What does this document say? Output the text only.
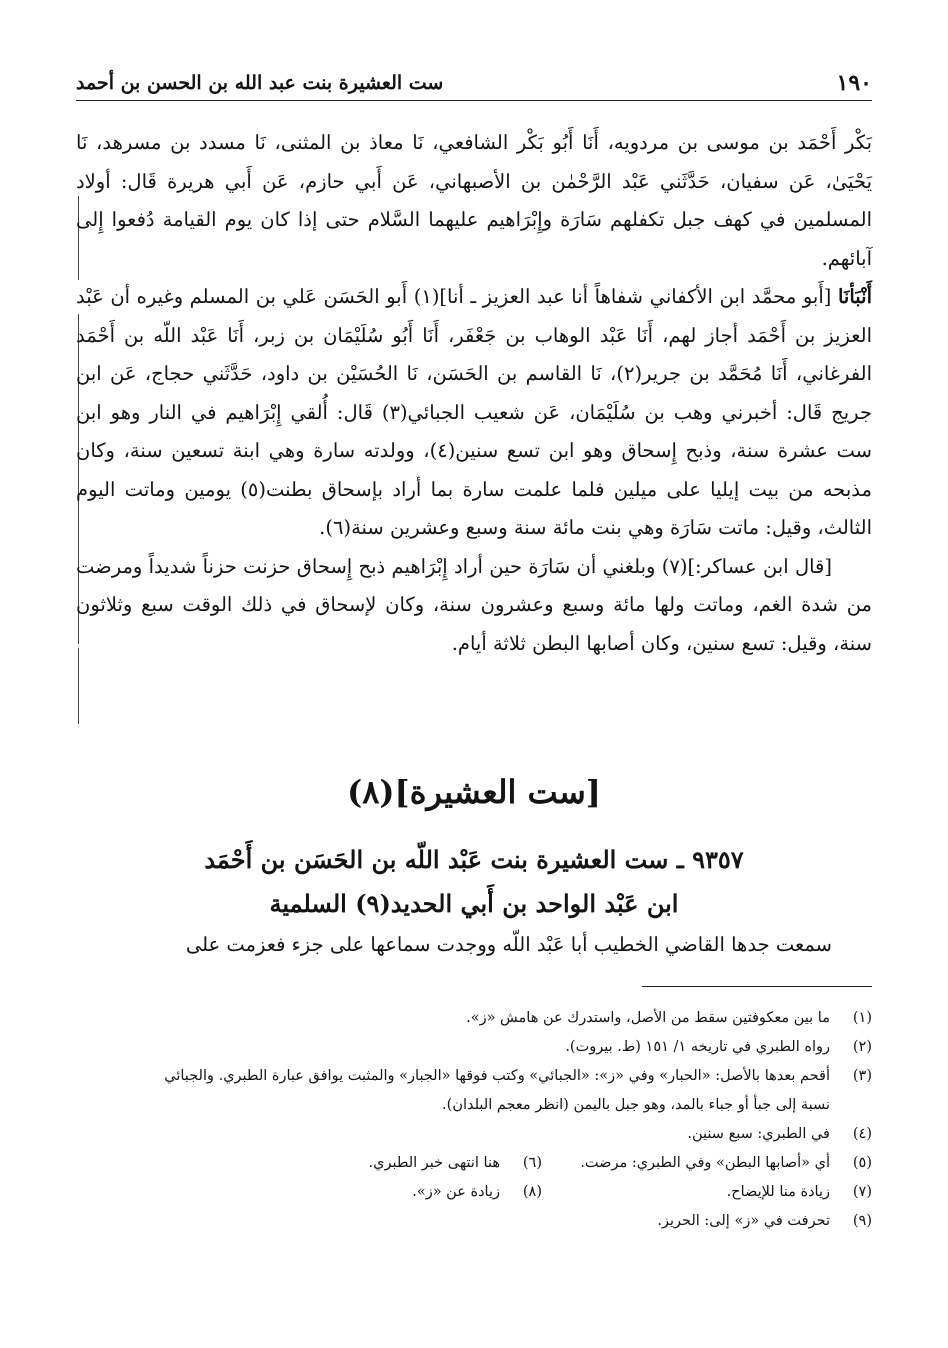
١٩٠
ست العشيرة بنت عبد الله بن الحسن بن أحمد

بَكْر أَحْمَد بن موسى بن مردويه، أَنَا أَبُو بَكْر الشافعي، نَا معاذ بن المثنى، نَا مسدد بن مسرهد، نَا يَحْيَىٰ، عَن سفيان، حَدَّثَني عَبْد الرَّحْمٰن بن الأصبهاني، عَن أَبي حازم، عَن أَبي هريرة قَال: أولاد المسلمين في كهف جبل تكفلهم سَارَة وإِبْرَاهيم عليهما السَّلام حتى إذا كان يوم القيامة دُفعوا إِلى آبائهم.

أَنْبَأنَا [أَبو محمَّد ابن الأكفاني شفاهاً أنا عبد العزيز ـ أنا](١) أَبو الحَسَن عَلي بن المسلم وغيره أن عَبْد العزيز بن أَحْمَد أجاز لهم، أَنَا عَبْد الوهاب بن جَعْفَر، أَنَا أَبُو سُلَيْمَان بن زبر، أَنَا عَبْد اللّه بن أَحْمَد الفرغاني، أَنَا مُحَمَّد بن جرير(٢)، نَا القاسم بن الحَسَن، نَا الحُسَيْن بن داود، حَدَّثَني حجاج، عَن ابن جريج قَال: أخبرني وهب بن سُلَيْمَان، عَن شعيب الجبائي(٣) قَال: أُلقي إِبْرَاهيم في النار وهو ابن ست عشرة سنة، وذبح إِسحاق وهو ابن تسع سنين(٤)، وولدته سارة وهي ابنة تسعين سنة، وكان مذبحه من بيت إيليا على ميلين فلما علمت سارة بما أراد بإسحاق بطنت(٥) يومين وماتت اليوم الثالث، وقيل: ماتت سَارَة وهي بنت مائة سنة وسبع وعشرين سنة(٦).

[قال ابن عساكر:](٧) وبلغني أن سَارَة حين أراد إِبْرَاهيم ذبح إِسحاق حزنت حزناً شديداً ومرضت من شدة الغم، وماتت ولها مائة وسبع وعشرون سنة، وكان لإسحاق في ذلك الوقت سبع وثلاثون سنة، وقيل: تسع سنين، وكان أصابها البطن ثلاثة أيام.

[ست العشيرة](٨)
٩٣٥٧ ـ ست العشيرة بنت عَبْد اللّه بن الحَسَن بن أَحْمَد
ابن عَبْد الواحد بن أَبي الحديد(٩) السلمية
سمعت جدها القاضي الخطيب أبا عَبْد اللّه ووجدت سماعها على جزء فعزمت على
(١)
ما بين معكوفتين سقط من الأصل، واستدرك عن هامش «ز».
(٢)
رواه الطبري في تاريخه ١/ ١٥١ (ط. بيروت).
(٣)
أقحم بعدها بالأصل: «الحبار» وفي «ز»: «الجبائي» وكتب فوقها «الجبار» والمثبت يوافق عبارة الطبري. والجبائي
نسبة إلى جبأ أو جباء بالمد، وهو جبل باليمن (انظر معجم البلدان).
(٤)
في الطبري: سبع سنين.
(٥)
أي «أصابها البطن» وفي الطبري: مرضت.
(٦)
هنا انتهى خبر الطبري.
(٧)
زيادة منا للإيضاح.
(٨)
زيادة عن «ز».
(٩)
تحرفت في «ز» إلى: الحريز.
